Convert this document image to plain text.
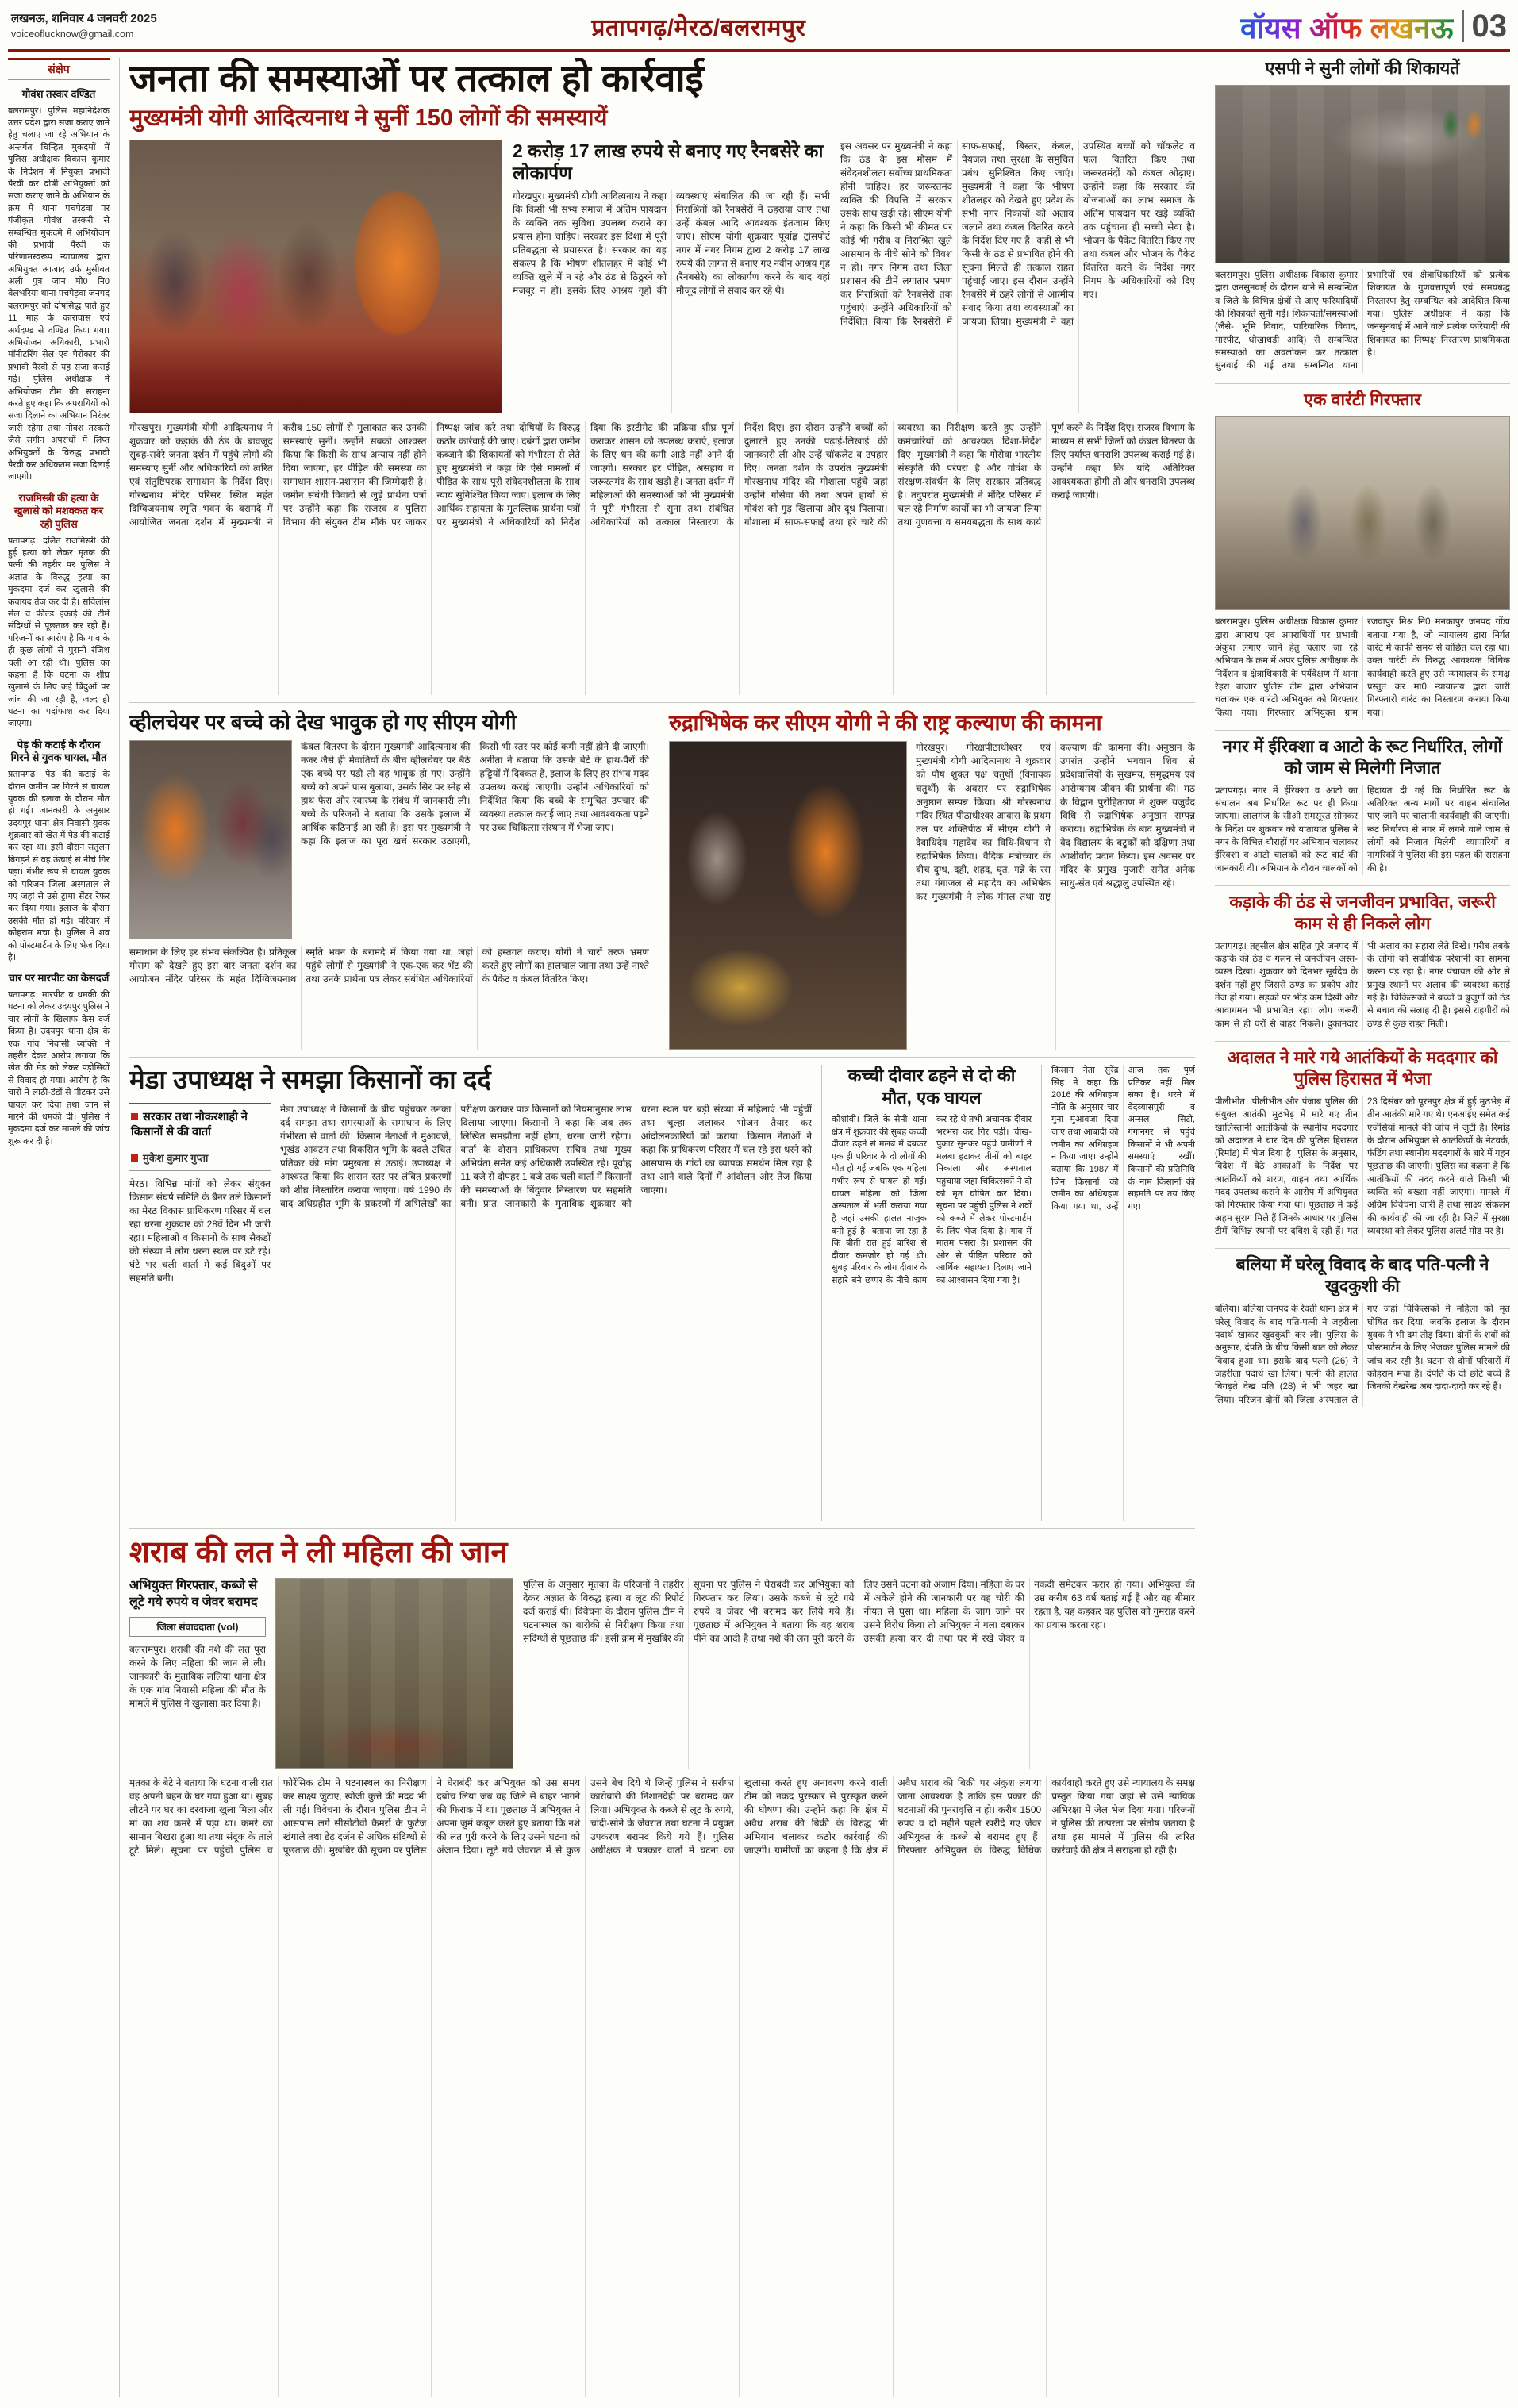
लखनऊ, शनिवार 4 जनवरी 2025
voiceoflucknow@gmail.com	प्रतापगढ़/मेरठ/बलरामपुर	वॉयस ऑफ लखनऊ 03
संक्षेप
गोवंश तस्कर दण्डित

बलरामपुर। पुलिस महानिदेशक उत्तर प्रदेश द्वारा सजा कराए जाने हेतु चलाए जा रहे अभियान के अन्तर्गत चिन्हित मुकदमों में पुलिस अधीक्षक विकास कुमार के निर्देशन में नियुक्त प्रभावी पैरवी कर दोषी अभियुक्तों को सजा कराए जाने के अभियान के क्रम में थाना पचपेड़वा पर पंजीकृत गोवंश तस्करी से सम्बन्धित मुकदमे में अभियोजन की प्रभावी पैरवी के परिणामस्वरूप न्यायालय द्वारा अभियुक्त आजाद उर्फ मुसीबत अली पुत्र जान मो0 नि0 बेलभरिया थाना पचपेड़वा जनपद बलरामपुर को दोषसिद्ध पाते हुए 11 माह के कारावास एवं अर्थदण्ड से दण्डित किया गया। अभियोजन अधिकारी, प्रभारी मॉनीटरिंग सेल एवं पैरोकार की प्रभावी पैरवी से यह सजा कराई गई। पुलिस अधीक्षक ने अभियोजन टीम की सराहना करते हुए कहा कि अपराधियों को सजा दिलाने का अभियान निरंतर जारी रहेगा तथा गोवंश तस्करी जैसे संगीन अपराधों में लिप्त अभियुक्तों के विरुद्ध प्रभावी पैरवी कर अधिकतम सजा दिलाई जाएगी।

राजमिस्त्री की हत्या के खुलासे को मशक्कत कर रही पुलिस

प्रतापगढ़। दलित राजमिस्त्री की हुई हत्या को लेकर मृतक की पत्नी की तहरीर पर पुलिस ने अज्ञात के विरुद्ध हत्या का मुकदमा दर्ज कर खुलासे की कवायद तेज कर दी है। सर्विलांस सेल व फील्ड इकाई की टीमें संदिग्धों से पूछताछ कर रही हैं। परिजनों का आरोप है कि गांव के ही कुछ लोगों से पुरानी रंजिश चली आ रही थी। पुलिस का कहना है कि घटना के शीघ्र खुलासे के लिए कई बिंदुओं पर जांच की जा रही है, जल्द ही घटना का पर्दाफाश कर दिया जाएगा।

पेड़ की कटाई के दौरान गिरने से युवक घायल, मौत

प्रतापगढ़। पेड़ की कटाई के दौरान जमीन पर गिरने से घायल युवक की इलाज के दौरान मौत हो गई। जानकारी के अनुसार उदयपुर थाना क्षेत्र निवासी युवक शुक्रवार को खेत में पेड़ की कटाई कर रहा था। इसी दौरान संतुलन बिगड़ने से वह ऊंचाई से नीचे गिर पड़ा। गंभीर रूप से घायल युवक को परिजन जिला अस्पताल ले गए जहां से उसे ट्रामा सेंटर रेफर कर दिया गया। इलाज के दौरान उसकी मौत हो गई। परिवार में कोहराम मचा है। पुलिस ने शव को पोस्टमार्टम के लिए भेज दिया है।

चार पर मारपीट का केसदर्ज

प्रतापगढ़। मारपीट व धमकी की घटना को लेकर उदयपुर पुलिस ने चार लोगों के खिलाफ केस दर्ज किया है। उदयपुर थाना क्षेत्र के एक गांव निवासी व्यक्ति ने तहरीर देकर आरोप लगाया कि खेत की मेड़ को लेकर पड़ोसियों से विवाद हो गया। आरोप है कि चारों ने लाठी-डंडों से पीटकर उसे घायल कर दिया तथा जान से मारने की धमकी दी। पुलिस ने मुकदमा दर्ज कर मामले की जांच शुरू कर दी है।

जनता की समस्याओं पर तत्काल हो कार्रवाई
मुख्यमंत्री योगी आदित्यनाथ ने सुनीं 150 लोगों की समस्यायें
2 करोड़ 17 लाख रुपये से बनाए गए रैनबसेरे का लोकार्पण
गोरखपुर। मुख्यमंत्री योगी आदित्यनाथ ने कहा कि किसी भी सभ्य समाज में अंतिम पायदान के व्यक्ति तक सुविधा उपलब्ध कराने का प्रयास होना चाहिए। सरकार इस दिशा में पूरी प्रतिबद्धता से प्रयासरत है। सरकार का यह संकल्प है कि भीषण शीतलहर में कोई भी व्यक्ति खुले में न रहे और ठंड से ठिठुरने को मजबूर न हो। इसके लिए आश्रय गृहों की व्यवस्थाएं संचालित की जा रही हैं। सभी निराश्रितों को रैनबसेरों में ठहराया जाए तथा उन्हें कंबल आदि आवश्यक इंतजाम किए जाएं। सीएम योगी शुक्रवार पूर्वाह्न ट्रांसपोर्ट नगर में नगर निगम द्वारा 2 करोड़ 17 लाख रुपये की लागत से बनाए गए नवीन आश्रय गृह (रैनबसेरे) का लोकार्पण करने के बाद वहां मौजूद लोगों से संवाद कर रहे थे।
इस अवसर पर मुख्यमंत्री ने कहा कि ठंड के इस मौसम में संवेदनशीलता सर्वोच्च प्राथमिकता होनी चाहिए। हर जरूरतमंद व्यक्ति की विपत्ति में सरकार उसके साथ खड़ी रहे। सीएम योगी ने कहा कि किसी भी कीमत पर कोई भी गरीब व निराश्रित खुले आसमान के नीचे सोने को विवश न हो। नगर निगम तथा जिला प्रशासन की टीमें लगातार भ्रमण कर निराश्रितों को रैनबसेरों तक पहुंचाएं। उन्होंने अधिकारियों को निर्देशित किया कि रैनबसेरों में साफ-सफाई, बिस्तर, कंबल, पेयजल तथा सुरक्षा के समुचित प्रबंध सुनिश्चित किए जाएं। मुख्यमंत्री ने कहा कि भीषण शीतलहर को देखते हुए प्रदेश के सभी नगर निकायों को अलाव जलाने तथा कंबल वितरित करने के निर्देश दिए गए हैं। कहीं से भी किसी के ठंड से प्रभावित होने की सूचना मिलते ही तत्काल राहत पहुंचाई जाए। इस दौरान उन्होंने रैनबसेरे में ठहरे लोगों से आत्मीय संवाद किया तथा व्यवस्थाओं का जायजा लिया। मुख्यमंत्री ने वहां उपस्थित बच्चों को चॉकलेट व फल वितरित किए तथा जरूरतमंदों को कंबल ओढ़ाए। उन्होंने कहा कि सरकार की योजनाओं का लाभ समाज के अंतिम पायदान पर खड़े व्यक्ति तक पहुंचाना ही सच्ची सेवा है। भोजन के पैकेट वितरित किए गए तथा कंबल और भोजन के पैकेट वितरित करने के निर्देश नगर निगम के अधिकारियों को दिए गए।
गोरखपुर। मुख्यमंत्री योगी आदित्यनाथ ने शुक्रवार को कड़ाके की ठंड के बावजूद सुबह-सवेरे जनता दर्शन में पहुंचे लोगों की समस्याएं सुनीं और अधिकारियों को त्वरित एवं संतुष्टिपरक समाधान के निर्देश दिए। गोरखनाथ मंदिर परिसर स्थित महंत दिग्विजयनाथ स्मृति भवन के बरामदे में आयोजित जनता दर्शन में मुख्यमंत्री ने करीब 150 लोगों से मुलाकात कर उनकी समस्याएं सुनीं। उन्होंने सबको आश्वस्त किया कि किसी के साथ अन्याय नहीं होने दिया जाएगा, हर पीड़ित की समस्या का समाधान शासन-प्रशासन की जिम्मेदारी है। जमीन संबंधी विवादों से जुड़े प्रार्थना पत्रों पर उन्होंने कहा कि राजस्व व पुलिस विभाग की संयुक्त टीम मौके पर जाकर निष्पक्ष जांच करे तथा दोषियों के विरुद्ध कठोर कार्रवाई की जाए। दबंगों द्वारा जमीन कब्जाने की शिकायतों को गंभीरता से लेते हुए मुख्यमंत्री ने कहा कि ऐसे मामलों में पीड़ित के साथ पूरी संवेदनशीलता के साथ न्याय सुनिश्चित किया जाए। इलाज के लिए आर्थिक सहायता के मुतल्लिक प्रार्थना पत्रों पर मुख्यमंत्री ने अधिकारियों को निर्देश दिया कि इस्टीमेट की प्रक्रिया शीघ्र पूर्ण कराकर शासन को उपलब्ध कराएं, इलाज के लिए धन की कमी आड़े नहीं आने दी जाएगी। सरकार हर पीड़ित, असहाय व जरूरतमंद के साथ खड़ी है। जनता दर्शन में महिलाओं की समस्याओं को भी मुख्यमंत्री ने पूरी गंभीरता से सुना तथा संबंधित अधिकारियों को तत्काल निस्तारण के निर्देश दिए। इस दौरान उन्होंने बच्चों को दुलारते हुए उनकी पढ़ाई-लिखाई की जानकारी ली और उन्हें चॉकलेट व उपहार दिए। जनता दर्शन के उपरांत मुख्यमंत्री गोरखनाथ मंदिर की गोशाला पहुंचे जहां उन्होंने गोसेवा की तथा अपने हाथों से गोवंश को गुड़ खिलाया और दूध पिलाया। गोशाला में साफ-सफाई तथा हरे चारे की व्यवस्था का निरीक्षण करते हुए उन्होंने कर्मचारियों को आवश्यक दिशा-निर्देश दिए। मुख्यमंत्री ने कहा कि गोसेवा भारतीय संस्कृति की परंपरा है और गोवंश के संरक्षण-संवर्धन के लिए सरकार प्रतिबद्ध है। तदुपरांत मुख्यमंत्री ने मंदिर परिसर में चल रहे निर्माण कार्यों का भी जायजा लिया तथा गुणवत्ता व समयबद्धता के साथ कार्य पूर्ण करने के निर्देश दिए। राजस्व विभाग के माध्यम से सभी जिलों को कंबल वितरण के लिए पर्याप्त धनराशि उपलब्ध कराई गई है। उन्होंने कहा कि यदि अतिरिक्त आवश्यकता होगी तो और धनराशि उपलब्ध कराई जाएगी।
व्हीलचेयर पर बच्चे को देख भावुक हो गए सीएम योगी
कंबल वितरण के दौरान मुख्यमंत्री आदित्यनाथ की नजर जैसे ही मेवातियों के बीच व्हीलचेयर पर बैठे एक बच्चे पर पड़ी तो वह भावुक हो गए। उन्होंने बच्चे को अपने पास बुलाया, उसके सिर पर स्नेह से हाथ फेरा और स्वास्थ्य के संबंध में जानकारी ली। बच्चे के परिजनों ने बताया कि उसके इलाज में आर्थिक कठिनाई आ रही है। इस पर मुख्यमंत्री ने कहा कि इलाज का पूरा खर्च सरकार उठाएगी, किसी भी स्तर पर कोई कमी नहीं होने दी जाएगी। अनीता ने बताया कि उसके बेटे के हाथ-पैरों की हड्डियों में दिक्कत है, इलाज के लिए हर संभव मदद उपलब्ध कराई जाएगी। उन्होंने अधिकारियों को निर्देशित किया कि बच्चे के समुचित उपचार की व्यवस्था तत्काल कराई जाए तथा आवश्यकता पड़ने पर उच्च चिकित्सा संस्थान में भेजा जाए।
समाधान के लिए हर संभव संकल्पित है। प्रतिकूल मौसम को देखते हुए इस बार जनता दर्शन का आयोजन मंदिर परिसर के महंत दिग्विजयनाथ स्मृति भवन के बरामदे में किया गया था, जहां पहुंचे लोगों से मुख्यमंत्री ने एक-एक कर भेंट की तथा उनके प्रार्थना पत्र लेकर संबंधित अधिकारियों को हस्तगत कराए। योगी ने चारों तरफ भ्रमण करते हुए लोगों का हालचाल जाना तथा उन्हें नाश्ते के पैकेट व कंबल वितरित किए।
रुद्राभिषेक कर सीएम योगी ने की राष्ट्र कल्याण की कामना
गोरखपुर। गोरक्षपीठाधीश्वर एवं मुख्यमंत्री योगी आदित्यनाथ ने शुक्रवार को पौष शुक्ल पक्ष चतुर्थी (विनायक चतुर्थी) के अवसर पर रुद्राभिषेक अनुष्ठान सम्पन्न किया। श्री गोरखनाथ मंदिर स्थित पीठाधीश्वर आवास के प्रथम तल पर शक्तिपीठ में सीएम योगी ने देवाधिदेव महादेव का विधि-विधान से रुद्राभिषेक किया। वैदिक मंत्रोच्चार के बीच दुग्ध, दही, शहद, घृत, गन्ने के रस तथा गंगाजल से महादेव का अभिषेक कर मुख्यमंत्री ने लोक मंगल तथा राष्ट्र कल्याण की कामना की। अनुष्ठान के उपरांत उन्होंने भगवान शिव से प्रदेशवासियों के सुखमय, समृद्धमय एवं आरोग्यमय जीवन की प्रार्थना की। मठ के विद्वान पुरोहितगण ने शुक्ल यजुर्वेद विधि से रुद्राभिषेक अनुष्ठान सम्पन्न कराया। रुद्राभिषेक के बाद मुख्यमंत्री ने वेद विद्यालय के बटुकों को दक्षिणा तथा आशीर्वाद प्रदान किया। इस अवसर पर मंदिर के प्रमुख पुजारी समेत अनेक साधु-संत एवं श्रद्धालु उपस्थित रहे।
मेडा उपाध्यक्ष ने समझा किसानों का दर्द
सरकार तथा नौकरशाही ने किसानों से की वार्ता
मुकेश कुमार गुप्ता
मेरठ। विभिन्न मांगों को लेकर संयुक्त किसान संघर्ष समिति के बैनर तले किसानों का मेरठ विकास प्राधिकरण परिसर में चल रहा धरना शुक्रवार को 28वें दिन भी जारी रहा। महिलाओं व किसानों के साथ सैकड़ों की संख्या में लोग धरना स्थल पर डटे रहे। घंटे भर चली वार्ता में कई बिंदुओं पर सहमति बनी।
मेडा उपाध्यक्ष ने किसानों के बीच पहुंचकर उनका दर्द समझा तथा समस्याओं के समाधान के लिए गंभीरता से वार्ता की। किसान नेताओं ने मुआवजे, भूखंड आवंटन तथा विकसित भूमि के बदले उचित प्रतिकर की मांग प्रमुखता से उठाई। उपाध्यक्ष ने आश्वस्त किया कि शासन स्तर पर लंबित प्रकरणों को शीघ्र निस्तारित कराया जाएगा। वर्ष 1990 के बाद अधिग्रहीत भूमि के प्रकरणों में अभिलेखों का परीक्षण कराकर पात्र किसानों को नियमानुसार लाभ दिलाया जाएगा। किसानों ने कहा कि जब तक लिखित समझौता नहीं होगा, धरना जारी रहेगा। वार्ता के दौरान प्राधिकरण सचिव तथा मुख्य अभियंता समेत कई अधिकारी उपस्थित रहे। पूर्वाह्न 11 बजे से दोपहर 1 बजे तक चली वार्ता में किसानों की समस्याओं के बिंदुवार निस्तारण पर सहमति बनी। प्रात: जानकारी के मुताबिक शुक्रवार को धरना स्थल पर बड़ी संख्या में महिलाएं भी पहुंचीं तथा चूल्हा जलाकर भोजन तैयार कर आंदोलनकारियों को कराया। किसान नेताओं ने कहा कि प्राधिकरण परिसर में चल रहे इस धरने को आसपास के गांवों का व्यापक समर्थन मिल रहा है तथा आने वाले दिनों में आंदोलन और तेज किया जाएगा।
कच्ची दीवार ढहने से दो की मौत, एक घायल
कौशांबी। जिले के सैनी थाना क्षेत्र में शुक्रवार की सुबह कच्ची दीवार ढहने से मलबे में दबकर एक ही परिवार के दो लोगों की मौत हो गई जबकि एक महिला गंभीर रूप से घायल हो गई। घायल महिला को जिला अस्पताल में भर्ती कराया गया है जहां उसकी हालत नाजुक बनी हुई है। बताया जा रहा है कि बीती रात हुई बारिश से दीवार कमजोर हो गई थी। सुबह परिवार के लोग दीवार के सहारे बने छप्पर के नीचे काम कर रहे थे तभी अचानक दीवार भरभरा कर गिर पड़ी। चीख-पुकार सुनकर पहुंचे ग्रामीणों ने मलबा हटाकर तीनों को बाहर निकाला और अस्पताल पहुंचाया जहां चिकित्सकों ने दो को मृत घोषित कर दिया। सूचना पर पहुंची पुलिस ने शवों को कब्जे में लेकर पोस्टमार्टम के लिए भेज दिया है। गांव में मातम पसरा है। प्रशासन की ओर से पीड़ित परिवार को आर्थिक सहायता दिलाए जाने का आश्वासन दिया गया है।
किसान नेता सुरेंद्र सिंह ने कहा कि 2016 की अधिग्रहण नीति के अनुसार चार गुना मुआवजा दिया जाए तथा आबादी की जमीन का अधिग्रहण न किया जाए। उन्होंने बताया कि 1987 में जिन किसानों की जमीन का अधिग्रहण किया गया था, उन्हें आज तक पूर्ण प्रतिकर नहीं मिल सका है। धरने में वेदव्यासपुरी व अन्सल सिटी, गंगानगर से पहुंचे किसानों ने भी अपनी समस्याएं रखीं। किसानों की प्रतिनिधि के नाम किसानों की सहमति पर तय किए गए।
शराब की लत ने ली महिला की जान
अभियुक्त गिरफ्तार, कब्जे से लूटे गये रुपये व जेवर बरामद
जिला संवाददाता (vol)
बलरामपुर। शराबी की नशे की लत पूरा करने के लिए महिला की जान ले ली। जानकारी के मुताबिक ललिया थाना क्षेत्र के एक गांव निवासी महिला की मौत के मामले में पुलिस ने खुलासा कर दिया है।
पुलिस के अनुसार मृतका के परिजनों ने तहरीर देकर अज्ञात के विरुद्ध हत्या व लूट की रिपोर्ट दर्ज कराई थी। विवेचना के दौरान पुलिस टीम ने घटनास्थल का बारीकी से निरीक्षण किया तथा संदिग्धों से पूछताछ की। इसी क्रम में मुखबिर की सूचना पर पुलिस ने घेराबंदी कर अभियुक्त को गिरफ्तार कर लिया। उसके कब्जे से लूटे गये रुपये व जेवर भी बरामद कर लिये गये हैं। पूछताछ में अभियुक्त ने बताया कि वह शराब पीने का आदी है तथा नशे की लत पूरी करने के लिए उसने घटना को अंजाम दिया। महिला के घर में अकेले होने की जानकारी पर वह चोरी की नीयत से घुसा था। महिला के जाग जाने पर उसने विरोध किया तो अभियुक्त ने गला दबाकर उसकी हत्या कर दी तथा घर में रखे जेवर व नकदी समेटकर फरार हो गया। अभियुक्त की उम्र करीब 63 वर्ष बताई गई है और वह बीमार रहता है, यह कहकर वह पुलिस को गुमराह करने का प्रयास करता रहा।
मृतका के बेटे ने बताया कि घटना वाली रात वह अपनी बहन के घर गया हुआ था। सुबह लौटने पर घर का दरवाजा खुला मिला और मां का शव कमरे में पड़ा था। कमरे का सामान बिखरा हुआ था तथा संदूक के ताले टूटे मिले। सूचना पर पहुंची पुलिस व फोरेंसिक टीम ने घटनास्थल का निरीक्षण कर साक्ष्य जुटाए, खोजी कुत्ते की मदद भी ली गई। विवेचना के दौरान पुलिस टीम ने आसपास लगे सीसीटीवी कैमरों के फुटेज खंगाले तथा डेढ़ दर्जन से अधिक संदिग्धों से पूछताछ की। मुखबिर की सूचना पर पुलिस ने घेराबंदी कर अभियुक्त को उस समय दबोच लिया जब वह जिले से बाहर भागने की फिराक में था। पूछताछ में अभियुक्त ने अपना जुर्म कबूल करते हुए बताया कि नशे की लत पूरी करने के लिए उसने घटना को अंजाम दिया। लूटे गये जेवरात में से कुछ उसने बेच दिये थे जिन्हें पुलिस ने सर्राफा कारोबारी की निशानदेही पर बरामद कर लिया। अभियुक्त के कब्जे से लूट के रुपये, चांदी-सोने के जेवरात तथा घटना में प्रयुक्त उपकरण बरामद किये गये हैं। पुलिस अधीक्षक ने पत्रकार वार्ता में घटना का खुलासा करते हुए अनावरण करने वाली टीम को नकद पुरस्कार से पुरस्कृत करने की घोषणा की। उन्होंने कहा कि क्षेत्र में अवैध शराब की बिक्री के विरुद्ध भी अभियान चलाकर कठोर कार्रवाई की जाएगी। ग्रामीणों का कहना है कि क्षेत्र में अवैध शराब की बिक्री पर अंकुश लगाया जाना आवश्यक है ताकि इस प्रकार की घटनाओं की पुनरावृत्ति न हो। करीब 1500 रुपए व दो महीने पहले खरीदे गए जेवर अभियुक्त के कब्जे से बरामद हुए हैं। गिरफ्तार अभियुक्त के विरुद्ध विधिक कार्यवाही करते हुए उसे न्यायालय के समक्ष प्रस्तुत किया गया जहां से उसे न्यायिक अभिरक्षा में जेल भेज दिया गया। परिजनों ने पुलिस की तत्परता पर संतोष जताया है तथा इस मामले में पुलिस की त्वरित कार्रवाई की क्षेत्र में सराहना हो रही है।
एसपी ने सुनी लोगों की शिकायतें
बलरामपुर। पुलिस अधीक्षक विकास कुमार द्वारा जनसुनवाई के दौरान थाने से सम्बन्धित व जिले के विभिन्न क्षेत्रों से आए फरियादियों की शिकायतें सुनी गईं। शिकायतों/समस्याओं (जैसे- भूमि विवाद, पारिवारिक विवाद, मारपीट, धोखाधड़ी आदि) से सम्बन्धित समस्याओं का अवलोकन कर तत्काल सुनवाई की गई तथा सम्बन्धित थाना प्रभारियों एवं क्षेत्राधिकारियों को प्रत्येक शिकायत के गुणवत्तापूर्ण एवं समयबद्ध निस्तारण हेतु सम्बन्धित को आदेशित किया गया। पुलिस अधीक्षक ने कहा कि जनसुनवाई में आने वाले प्रत्येक फरियादी की शिकायत का निष्पक्ष निस्तारण प्राथमिकता है।
एक वारंटी गिरफ्तार
बलरामपुर। पुलिस अधीक्षक विकास कुमार द्वारा अपराध एवं अपराधियों पर प्रभावी अंकुश लगाए जाने हेतु चलाए जा रहे अभियान के क्रम में अपर पुलिस अधीक्षक के निर्देशन व क्षेत्राधिकारी के पर्यवेक्षण में थाना रेहरा बाजार पुलिस टीम द्वारा अभियान चलाकर एक वारंटी अभियुक्त को गिरफ्तार किया गया। गिरफ्तार अभियुक्त ग्राम रजवापुर मिश्र नि0 मनकापुर जनपद गोंडा बताया गया है, जो न्यायालय द्वारा निर्गत वारंट में काफी समय से वांछित चल रहा था। उक्त वारंटी के विरुद्ध आवश्यक विधिक कार्यवाही करते हुए उसे न्यायालय के समक्ष प्रस्तुत कर मा0 न्यायालय द्वारा जारी गिरफ्तारी वारंट का निस्तारण कराया किया गया।
नगर में ईरिक्शा व आटो के रूट निर्धारित, लोगों को जाम से मिलेगी निजात
प्रतापगढ़। नगर में ईरिक्शा व आटो का संचालन अब निर्धारित रूट पर ही किया जाएगा। लालगंज के सीओ रामसूरत सोनकर के निर्देश पर शुक्रवार को यातायात पुलिस ने नगर के विभिन्न चौराहों पर अभियान चलाकर ईरिक्शा व आटो चालकों को रूट चार्ट की जानकारी दी। अभियान के दौरान चालकों को हिदायत दी गई कि निर्धारित रूट के अतिरिक्त अन्य मार्गों पर वाहन संचालित पाए जाने पर चालानी कार्यवाही की जाएगी। रूट निर्धारण से नगर में लगने वाले जाम से लोगों को निजात मिलेगी। व्यापारियों व नागरिकों ने पुलिस की इस पहल की सराहना की है।
कड़ाके की ठंड से जनजीवन प्रभावित, जरूरी काम से ही निकले लोग
प्रतापगढ़। तहसील क्षेत्र सहित पूरे जनपद में कड़ाके की ठंड व गलन से जनजीवन अस्त-व्यस्त दिखा। शुक्रवार को दिनभर सूर्यदेव के दर्शन नहीं हुए जिससे ठण्ड का प्रकोप और तेज हो गया। सड़कों पर भीड़ कम दिखी और आवागमन भी प्रभावित रहा। लोग जरूरी काम से ही घरों से बाहर निकले। दुकानदार भी अलाव का सहारा लेते दिखे। गरीब तबके के लोगों को सर्वाधिक परेशानी का सामना करना पड़ रहा है। नगर पंचायत की ओर से प्रमुख स्थानों पर अलाव की व्यवस्था कराई गई है। चिकित्सकों ने बच्चों व बुजुर्गों को ठंड से बचाव की सलाह दी है। इससे राहगीरों को ठण्ड से कुछ राहत मिली।
अदालत ने मारे गये आतंकियों के मददगार को पुलिस हिरासत में भेजा
पीलीभीत। पीलीभीत और पंजाब पुलिस की संयुक्त आतंकी मुठभेड़ में मारे गए तीन खालिस्तानी आतंकियों के स्थानीय मददगार को अदालत ने चार दिन की पुलिस हिरासत (रिमांड) में भेज दिया है। पुलिस के अनुसार, विदेश में बैठे आकाओं के निर्देश पर आतंकियों को शरण, वाहन तथा आर्थिक मदद उपलब्ध कराने के आरोप में अभियुक्त को गिरफ्तार किया गया था। पूछताछ में कई अहम सुराग मिले हैं जिनके आधार पर पुलिस टीमें विभिन्न स्थानों पर दबिश दे रही हैं। गत 23 दिसंबर को पूरनपुर क्षेत्र में हुई मुठभेड़ में तीन आतंकी मारे गए थे। एनआईए समेत कई एजेंसियां मामले की जांच में जुटी हैं। रिमांड के दौरान अभियुक्त से आतंकियों के नेटवर्क, फंडिंग तथा स्थानीय मददगारों के बारे में गहन पूछताछ की जाएगी। पुलिस का कहना है कि आतंकियों की मदद करने वाले किसी भी व्यक्ति को बख्शा नहीं जाएगा। मामले में अग्रिम विवेचना जारी है तथा साक्ष्य संकलन की कार्यवाही की जा रही है। जिले में सुरक्षा व्यवस्था को लेकर पुलिस अलर्ट मोड पर है।
बलिया में घरेलू विवाद के बाद पति-पत्नी ने खुदकुशी की
बलिया। बलिया जनपद के रेवती थाना क्षेत्र में घरेलू विवाद के बाद पति-पत्नी ने जहरीला पदार्थ खाकर खुदकुशी कर ली। पुलिस के अनुसार, दंपति के बीच किसी बात को लेकर विवाद हुआ था। इसके बाद पत्नी (26) ने जहरीला पदार्थ खा लिया। पत्नी की हालत बिगड़ते देख पति (28) ने भी जहर खा लिया। परिजन दोनों को जिला अस्पताल ले गए जहां चिकित्सकों ने महिला को मृत घोषित कर दिया, जबकि इलाज के दौरान युवक ने भी दम तोड़ दिया। दोनों के शवों को पोस्टमार्टम के लिए भेजकर पुलिस मामले की जांच कर रही है। घटना से दोनों परिवारों में कोहराम मचा है। दंपति के दो छोटे बच्चे हैं जिनकी देखरेख अब दादा-दादी कर रहे हैं।
